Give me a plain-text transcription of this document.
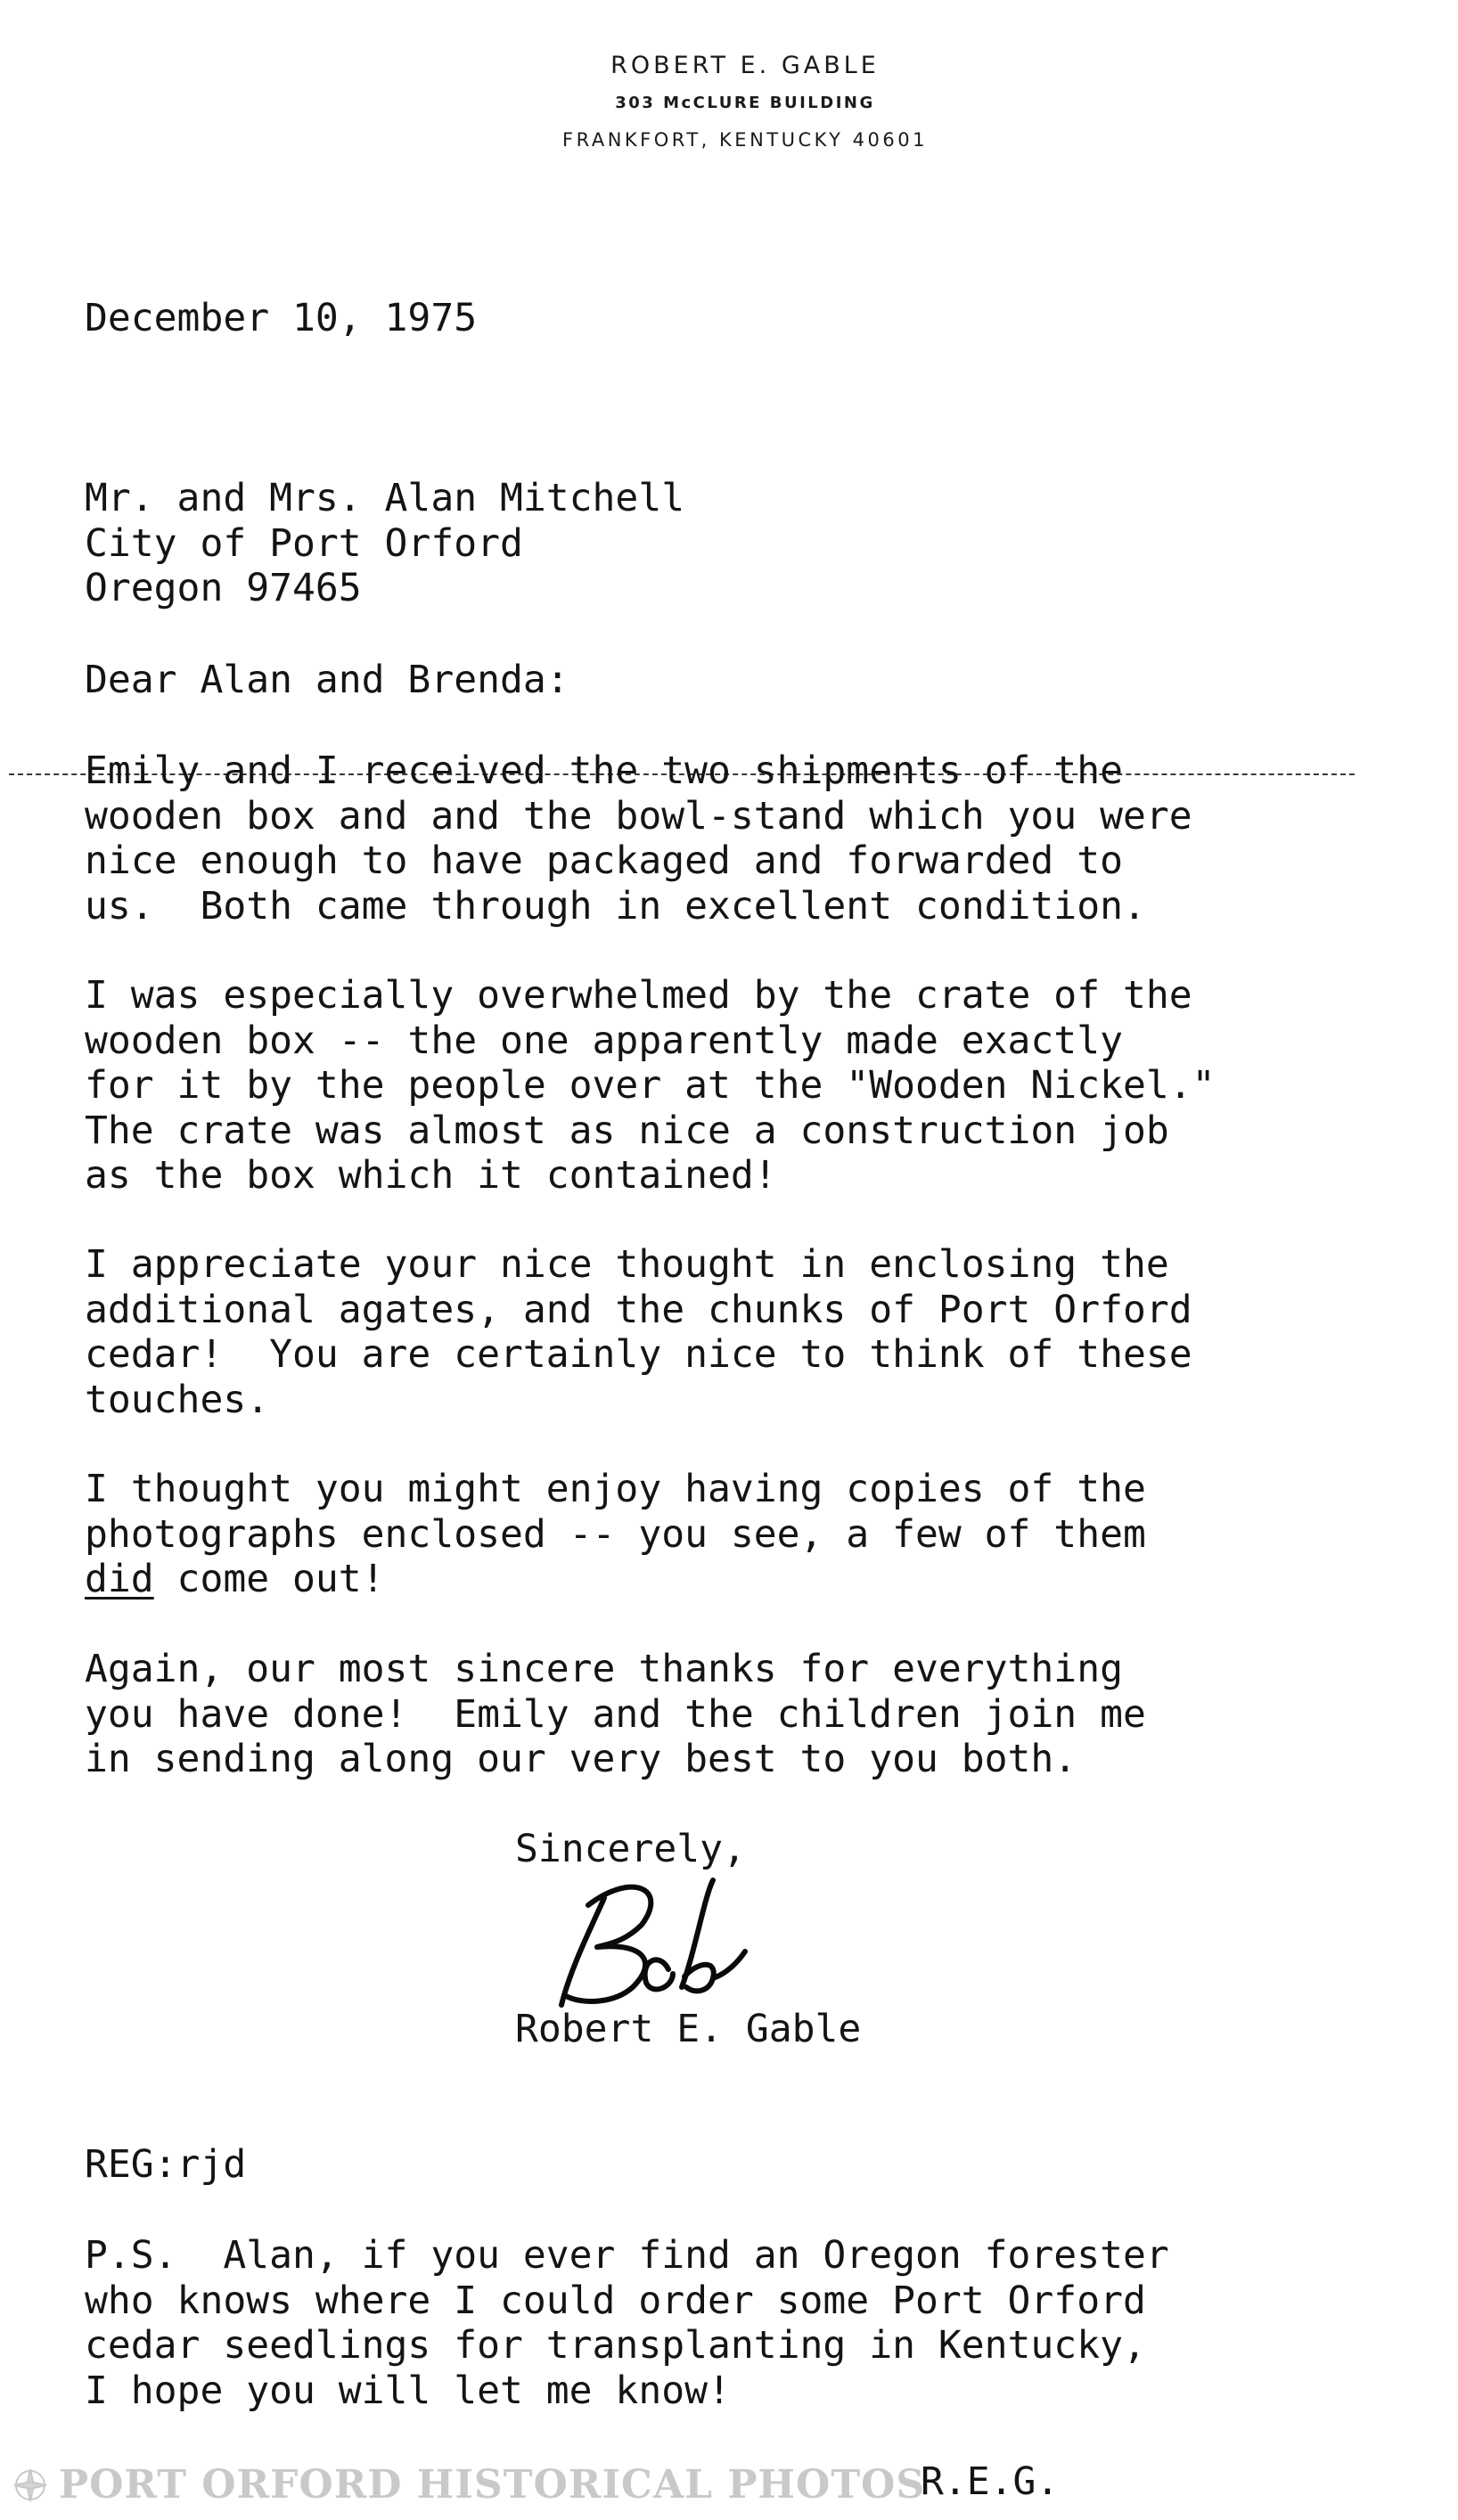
ROBERT E. GABLE
303 McCLURE BUILDING
FRANKFORT, KENTUCKY 40601

December 10, 1975

Mr. and Mrs. Alan Mitchell
City of Port Orford
Oregon 97465

Dear Alan and Brenda:

Emily and I received the two shipments of the
wooden box and and the bowl-stand which you were
nice enough to have packaged and forwarded to
us.  Both came through in excellent condition.

I was especially overwhelmed by the crate of the
wooden box -- the one apparently made exactly
for it by the people over at the "Wooden Nickel."
The crate was almost as nice a construction job
as the box which it contained!

I appreciate your nice thought in enclosing the
additional agates, and the chunks of Port Orford
cedar!  You are certainly nice to think of these
touches.

I thought you might enjoy having copies of the
photographs enclosed -- you see, a few of them
did come out!

Again, our most sincere thanks for everything
you have done!  Emily and the children join me
in sending along our very best to you both.

Sincerely,

Robert E. Gable

REG:rjd

P.S.  Alan, if you ever find an Oregon forester
who knows where I could order some Port Orford
cedar seedlings for transplanting in Kentucky,
I hope you will let me know!

R.E.G.

PORT ORFORD HISTORICAL PHOTOS
